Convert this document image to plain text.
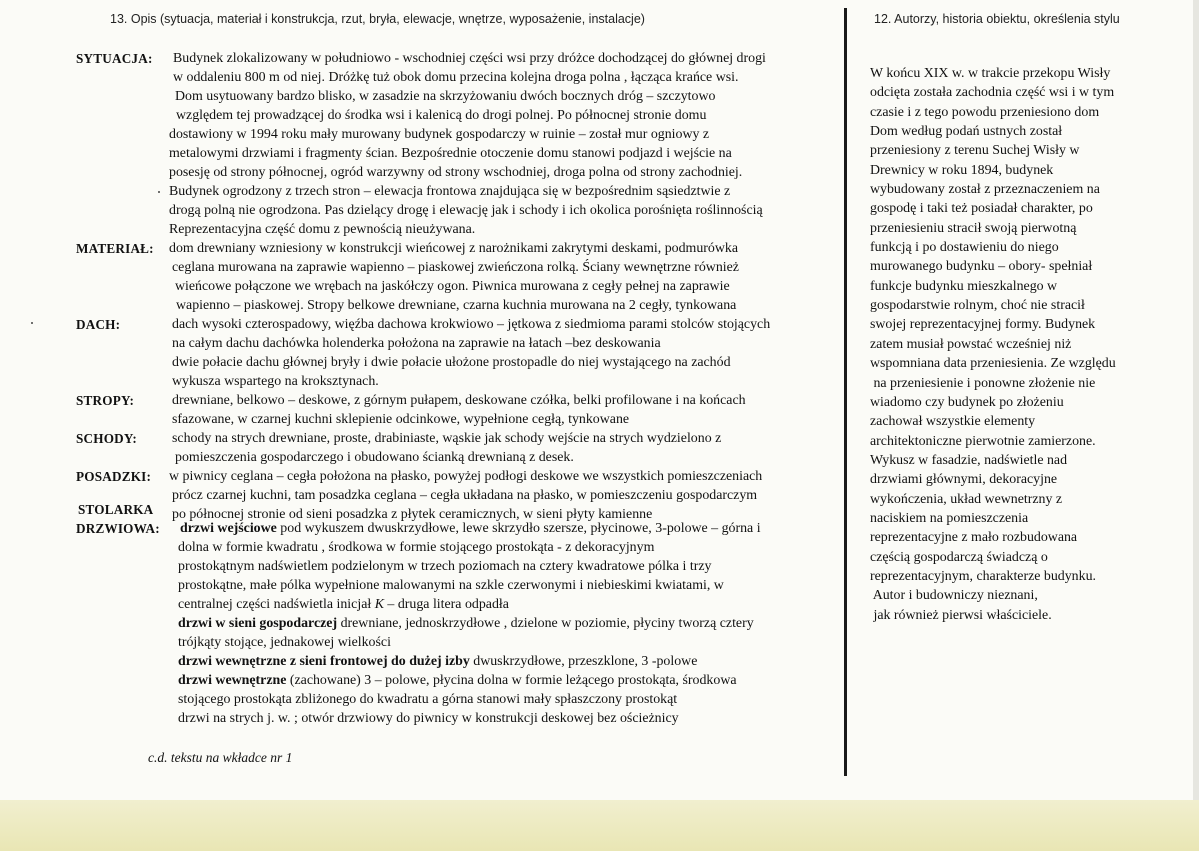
13. Opis (sytuacja, materiał i konstrukcja, rzut, bryła, elewacje, wnętrze, wyposażenie, instalacje)	12. Autorzy, historia obiektu, określenia stylu
SYTUACJA: Budynek zlokalizowany w południowo - wschodniej części wsi przy dróżce dochodzącej do głównej drogi
w oddaleniu 800 m od niej. Dróżkę tuż obok domu przecina kolejna droga polna , łącząca krańce wsi.
Dom usytuowany bardzo blisko, w zasadzie na skrzyżowaniu dwóch bocznych dróg – szczytowo
względem tej prowadzącej do środka wsi i kalenicą do drogi polnej. Po północnej stronie domu
dostawiony w 1994 roku mały murowany budynek gospodarczy w ruinie – został mur ogniowy z
metalowymi drzwiami i fragmenty ścian. Bezpośrednie otoczenie domu stanowi podjazd i wejście na
posesję od strony północnej, ogród warzywny od strony wschodniej, droga polna od strony zachodniej.
Budynek ogrodzony z trzech stron – elewacja frontowa znajdująca się w bezpośrednim sąsiedztwie z
drogą polną nie ogrodzona. Pas dzielący drogę i elewację jak i schody i ich okolica porośnięta roślinnością
Reprezentacyjna część domu z pewnością nieużywana.
MATERIAŁ: dom drewniany wzniesiony w konstrukcji wieńcowej z narożnikami zakrytymi deskami, podmurówka
ceglana murowana na zaprawie wapienno – piaskowej zwieńczona rolką. Ściany wewnętrzne również
wieńcowe połączone we wrębach na jaskółczy ogon. Piwnica murowana z cegły pełnej na zaprawie
wapienno – piaskowej. Stropy belkowe drewniane, czarna kuchnia murowana na 2 cegły, tynkowana
DACH:	dach wysoki czterospadowy, więźba dachowa krokwiowo – jętkowa z siedmioma parami stolców stojących
na całym dachu dachówka holenderka położona na zaprawie na łatach –bez deskowania
dwie połacie dachu głównej bryły i dwie połacie ułożone prostopadle do niej wystającego na zachód
wykusza wspartego na kroksztynach.
STROPY:	drewniane, belkowo – deskowe, z górnym pułapem, deskowane czółka, belki profilowane i na końcach
sfazowane, w czarnej kuchni sklepienie odcinkowe, wypełnione cegłą, tynkowane
SCHODY:	schody na strych drewniane, proste, drabiniaste, wąskie jak schody wejście na strych wydzielono z
pomieszczenia gospodarczego i obudowano ścianką drewnianą z desek.
POSADZKI: w piwnicy ceglana – cegła położona na płasko, powyżej podłogi deskowe we wszystkich pomieszczeniach
prócz czarnej kuchni, tam posadzka ceglana – cegła układana na płasko, w pomieszczeniu gospodarczym
po północnej stronie od sieni posadzka z płytek ceramicznych, w sieni płyty kamienne
STOLARKA
DRZWIOWA: drzwi wejściowe pod wykuszem dwuskrzydłowe, lewe skrzydło szersze, płycinowe, 3-polowe – górna i
dolna w formie kwadratu , środkowa w formie stojącego prostokąta - z dekoracyjnym
prostokątnym nadświetlem podzielonym w trzech poziomach na cztery kwadratowe pólka i trzy
prostokątne, małe pólka wypełnione malowanymi na szkle czerwonymi i niebieskimi kwiatami, w
centralnej części nadświetla inicjał K – druga litera odpadła
drzwi w sieni gospodarczej drewniane, jednoskrzydłowe , dzielone w poziomie, płyciny tworzą cztery
trójkąty stojące, jednakowej wielkości
drzwi wewnętrzne z sieni frontowej do dużej izby dwuskrzydłowe, przeszklone, 3 -polowe
drzwi wewnętrzne (zachowane) 3 – polowe, płycina dolna w formie leżącego prostokąta, środkowa
stojącego prostokąta zbliżonego do kwadratu a górna stanowi mały spłaszczony prostokąt
drzwi na strych j. w. ; otwór drzwiowy do piwnicy w konstrukcji deskowej bez ościeżnicy
c.d. tekstu na wkładce nr 1
W końcu XIX w. w trakcie przekopu Wisły
odcięta została zachodnia część wsi i w tym
czasie i z tego powodu przeniesiono dom
Dom według podań ustnych został
przeniesiony z terenu Suchej Wisły w
Drewnicy w roku 1894, budynek
wybudowany został z przeznaczeniem na
gospodę i taki też posiadał charakter, po
przeniesieniu stracił swoją pierwotną
funkcją i po dostawieniu do niego
murowanego budynku – obory- spełniał
funkcje budynku mieszkalnego w
gospodarstwie rolnym, choć nie stracił
swojej reprezentacyjnej formy. Budynek
zatem musiał powstać wcześniej niż
wspomniana data przeniesienia. Ze względu
na przeniesienie i ponowne złożenie nie
wiadomo czy budynek po złożeniu
zachował wszystkie elementy
architektoniczne pierwotnie zamierzone.
Wykusz w fasadzie, nadświetle nad
drzwiami głównymi, dekoracyjne
wykończenia, układ wewnetrzny z
naciskiem na pomieszczenia
reprezentacyjne z mało rozbudowana
częścią gospodarczą świadczą o
reprezentacyjnym, charakterze budynku.
Autor i budowniczy nieznani,
jak również pierwsi właściciele.
